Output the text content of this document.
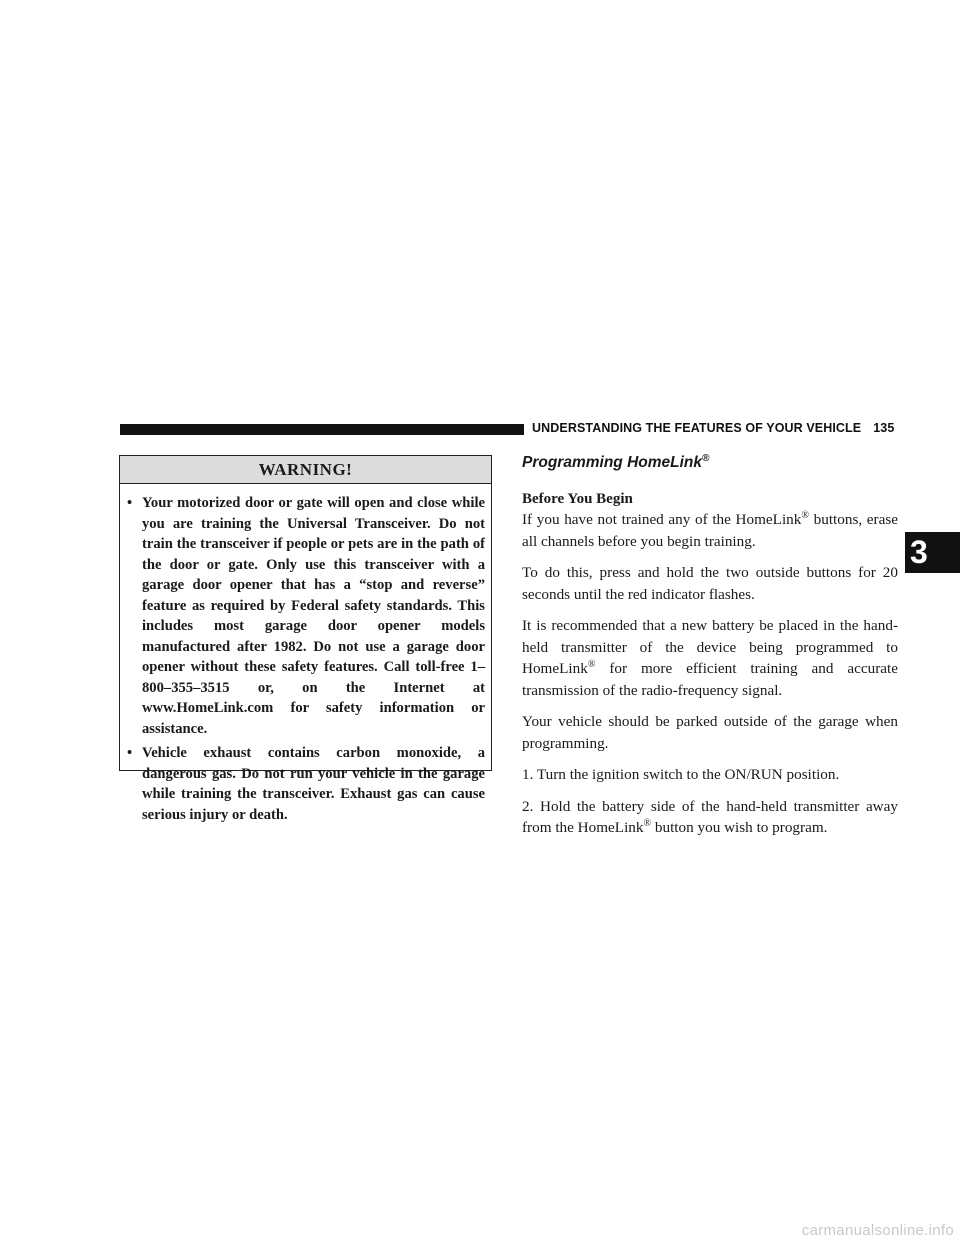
UNDERSTANDING THE FEATURES OF YOUR VEHICLE 135
WARNING!
• Your motorized door or gate will open and close while you are training the Universal Transceiver. Do not train the transceiver if people or pets are in the path of the door or gate. Only use this transceiver with a garage door opener that has a “stop and reverse” feature as required by Federal safety standards. This includes most garage door opener models manufactured after 1982. Do not use a garage door opener without these safety features. Call toll-free 1–800–355–3515 or, on the Internet at www.HomeLink.com for safety information or assistance.
• Vehicle exhaust contains carbon monoxide, a dangerous gas. Do not run your vehicle in the garage while training the transceiver. Exhaust gas can cause serious injury or death.
Programming HomeLink®
Before You Begin

If you have not trained any of the HomeLink® buttons, erase all channels before you begin training.

To do this, press and hold the two outside buttons for 20 seconds until the red indicator flashes.

It is recommended that a new battery be placed in the hand-held transmitter of the device being programmed to HomeLink® for more efficient training and accurate transmission of the radio-frequency signal.

Your vehicle should be parked outside of the garage when programming.

1. Turn the ignition switch to the ON/RUN position.

2. Hold the battery side of the hand-held transmitter away from the HomeLink® button you wish to program.

3
carmanualsonline.info
